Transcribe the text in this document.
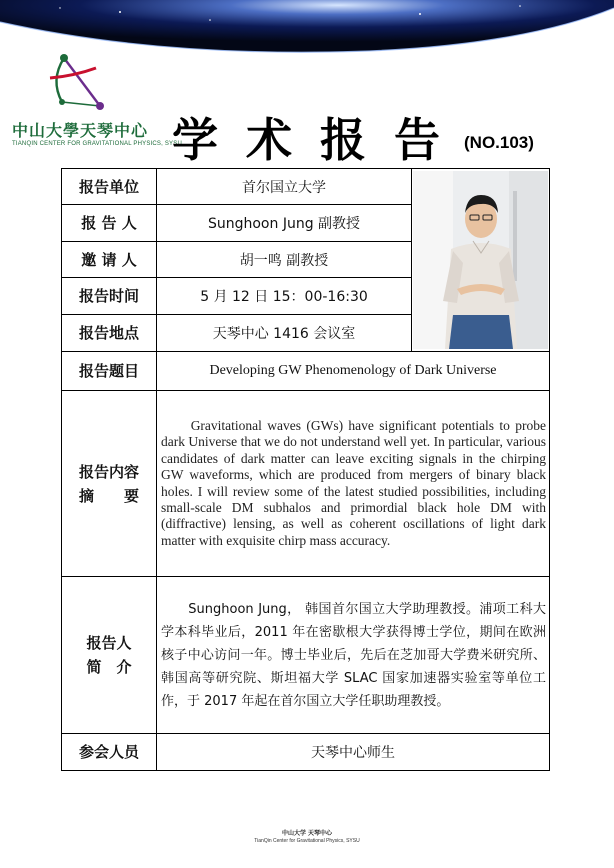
中山大學天琴中心
TIANQIN CENTER FOR GRAVITATIONAL PHYSICS, SYSU
学术报告
(NO.103)
报告单位	首尔国立大学	

报 告 人	Sunghoon Jung 副教授	
邀 请 人	胡一鸣 副教授	
报告时间	5 月 12 日 15：00-16:30	
报告地点	天琴中心 1416 会议室	
报告题目	Developing GW Phenomenology of Dark Universe	

报告内容
摘　　要	Gravitational waves (GWs) have significant potentials to probe dark Universe that we do not understand well yet. In particular, various candidates of dark matter can leave exciting signals in the chirping GW waveforms, which are produced from mergers of binary black holes. I will review some of the latest studied possibilities, including small-scale DM subhalos and primordial black hole DM with (diffractive) lensing, as well as coherent oscillations of light dark matter with exquisite chirp mass accuracy.	

报告人
简　介	Sunghoon Jung， 韩国首尔国立大学助理教授。浦项工科大学本科毕业后，2011 年在密歇根大学获得博士学位，期间在欧洲核子中心访问一年。博士毕业后，先后在芝加哥大学费米研究所、韩国高等研究院、斯坦福大学 SLAC 国家加速器实验室等单位工作，于 2017 年起在首尔国立大学任职助理教授。	
参会人员	天琴中心师生	
中山大学 天琴中心
TianQin Center for Gravitational Physics, SYSU
